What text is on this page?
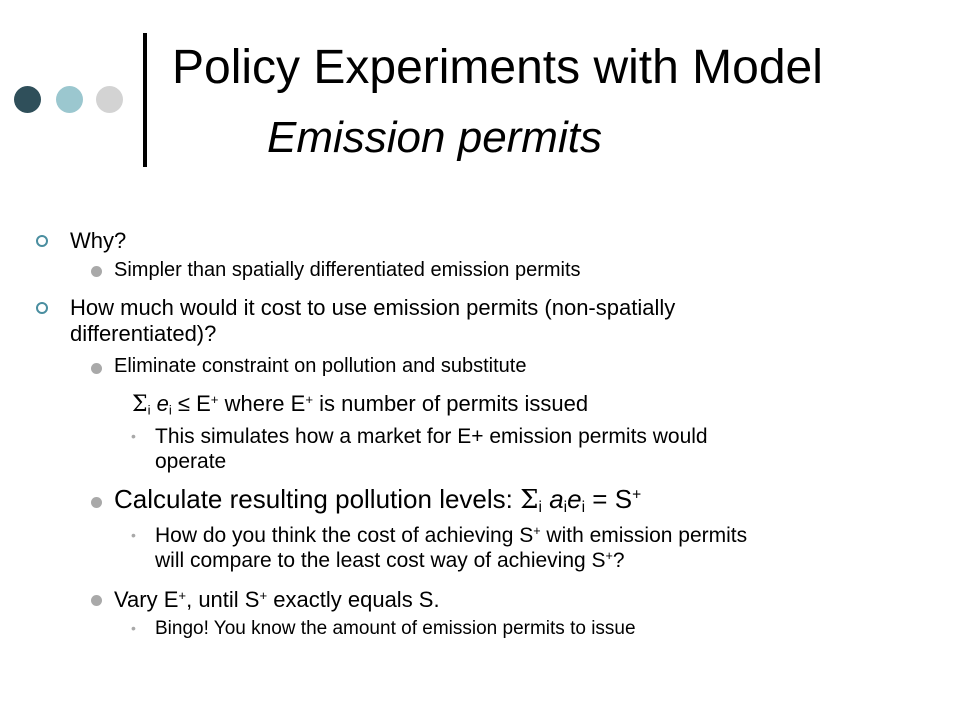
Policy Experiments with Model
Emission permits
Why?
Simpler than spatially differentiated emission permits
How much would it cost to use emission permits (non-spatially
differentiated)?
Eliminate constraint on pollution and substitute
$\Sigma_i$ $e_i \le E^+$ where E+ is number of permits issued
• This simulates how a market for E+ emission permits would
operate
Calculate resulting pollution levels: $\Sigma_i$ $a_ie_i = S^+$
• How do you think the cost of achieving S+ with emission permits
will compare to the least cost way of achieving S+?
Vary E+, until S+ exactly equals S.
• Bingo! You know the amount of emission permits to issue
